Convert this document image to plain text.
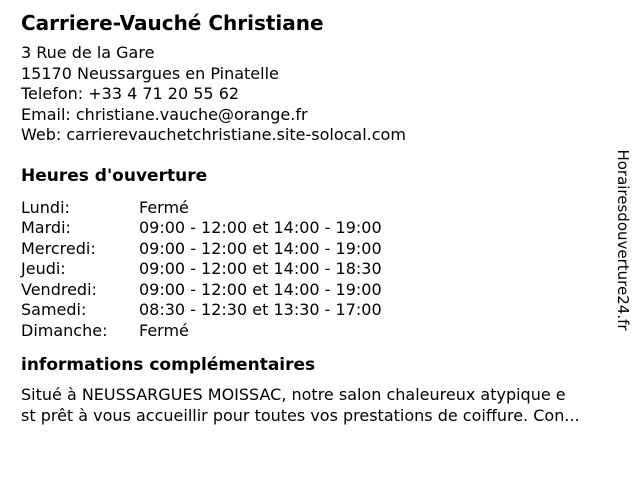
Carriere-Vauché Christiane
3 Rue de la Gare
15170 Neussargues en Pinatelle
Telefon: +33 4 71 20 55 62
Email: christiane.vauche@orange.fr
Web: carrierevauchetchristiane.site-solocal.com
Heures d'ouverture
Lundi:	Fermé
Mardi:	09:00 - 12:00 et 14:00 - 19:00
Mercredi:	09:00 - 12:00 et 14:00 - 19:00
Jeudi:	09:00 - 12:00 et 14:00 - 18:30
Vendredi:	09:00 - 12:00 et 14:00 - 19:00
Samedi:	08:30 - 12:30 et 13:30 - 17:00
Dimanche: Fermé
informations complémentaires
Situé à NEUSSARGUES MOISSAC, notre salon chaleureux atypique e
st prêt à vous accueillir pour toutes vos prestations de coiffure. Con...
Horairesdouverture24.fr
